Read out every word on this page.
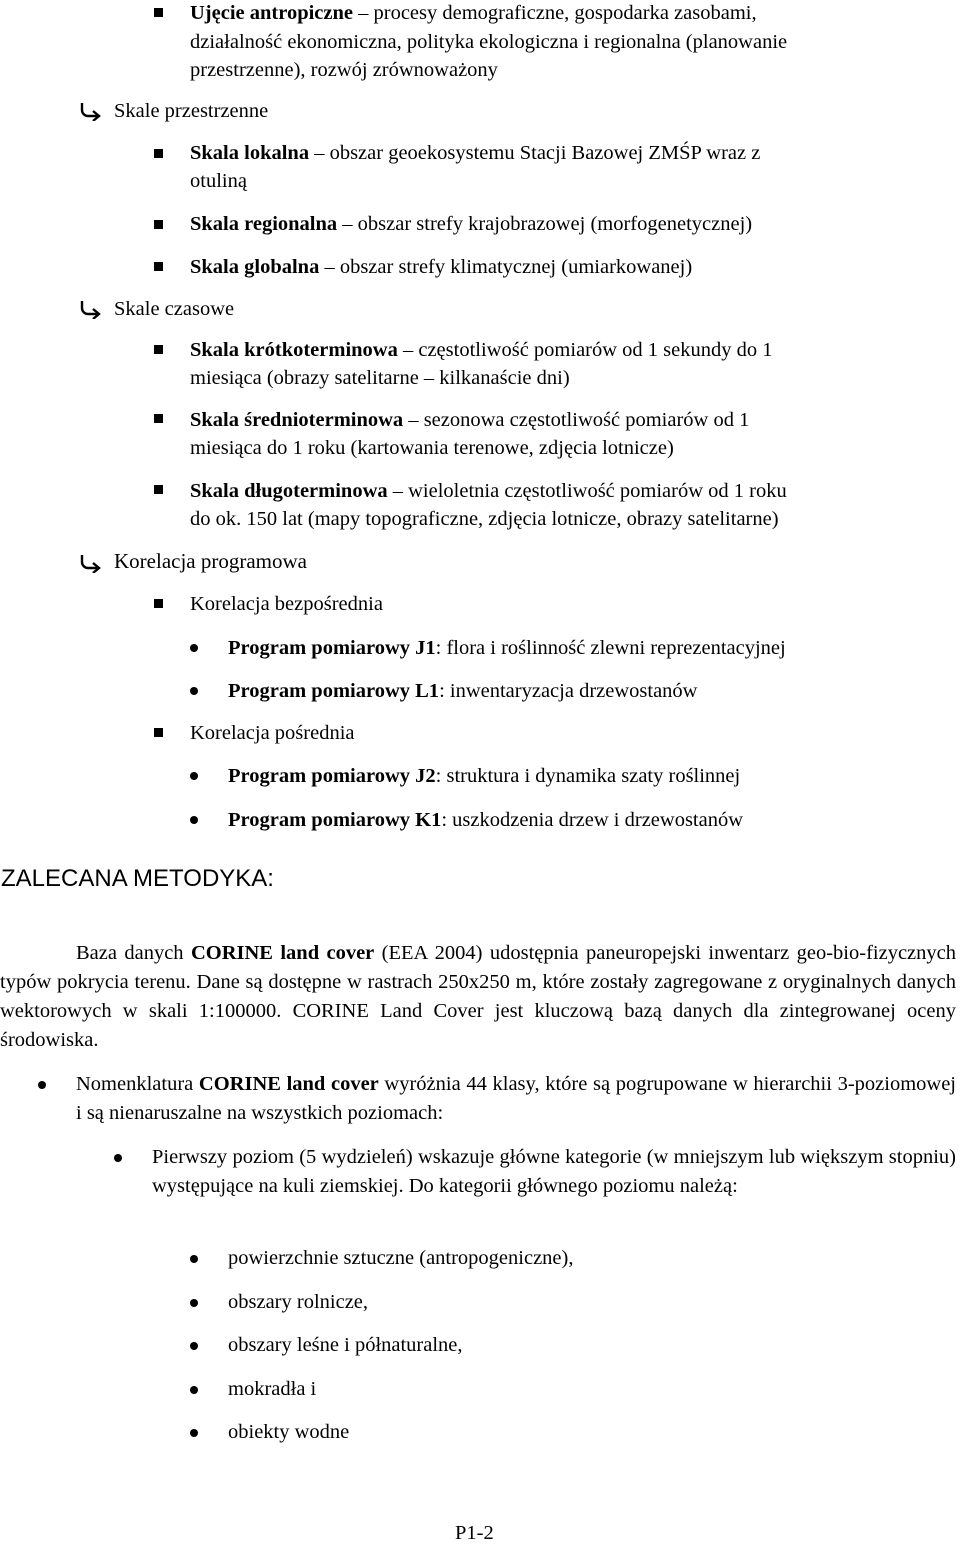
Ujęcie antropiczne – procesy demograficzne, gospodarka zasobami,
działalność ekonomiczna, polityka ekologiczna i regionalna (planowanie
przestrzenne), rozwój zrównoważony
Skale przestrzenne
Skala lokalna – obszar geoekosystemu Stacji Bazowej ZMŚP wraz z
otuliną
Skala regionalna – obszar strefy krajobrazowej (morfogenetycznej)
Skala globalna – obszar strefy klimatycznej (umiarkowanej)
Skale czasowe
Skala krótkoterminowa – częstotliwość pomiarów od 1 sekundy do 1
miesiąca (obrazy satelitarne – kilkanaście dni)
Skala średnioterminowa – sezonowa częstotliwość pomiarów od 1
miesiąca do 1 roku (kartowania terenowe, zdjęcia lotnicze)
Skala długoterminowa – wieloletnia częstotliwość pomiarów od 1 roku
do ok. 150 lat (mapy topograficzne, zdjęcia lotnicze, obrazy satelitarne)
Korelacja programowa
Korelacja bezpośrednia
Program pomiarowy J1: flora i roślinność zlewni reprezentacyjnej
Program pomiarowy L1: inwentaryzacja drzewostanów
Korelacja pośrednia
Program pomiarowy J2: struktura i dynamika szaty roślinnej
Program pomiarowy K1: uszkodzenia drzew i drzewostanów
ZALECANA METODYKA:
Baza danych CORINE land cover (EEA 2004) udostępnia paneuropejski inwentarz geo-bio-fizycznych typów pokrycia terenu. Dane są dostępne w rastrach 250x250 m, które zostały zagregowane z oryginalnych danych wektorowych w skali 1:100000. CORINE Land Cover jest kluczową bazą danych dla zintegrowanej oceny środowiska.
Nomenklatura CORINE land cover wyróżnia 44 klasy, które są pogrupowane w hierarchii 3-poziomowej i są nienaruszalne na wszystkich poziomach:
Pierwszy poziom (5 wydzieleń) wskazuje główne kategorie (w mniejszym lub większym stopniu) występujące na kuli ziemskiej. Do kategorii głównego poziomu należą:
powierzchnie sztuczne (antropogeniczne),
obszary rolnicze,
obszary leśne i półnaturalne,
mokradła i
obiekty wodne
P1-2
